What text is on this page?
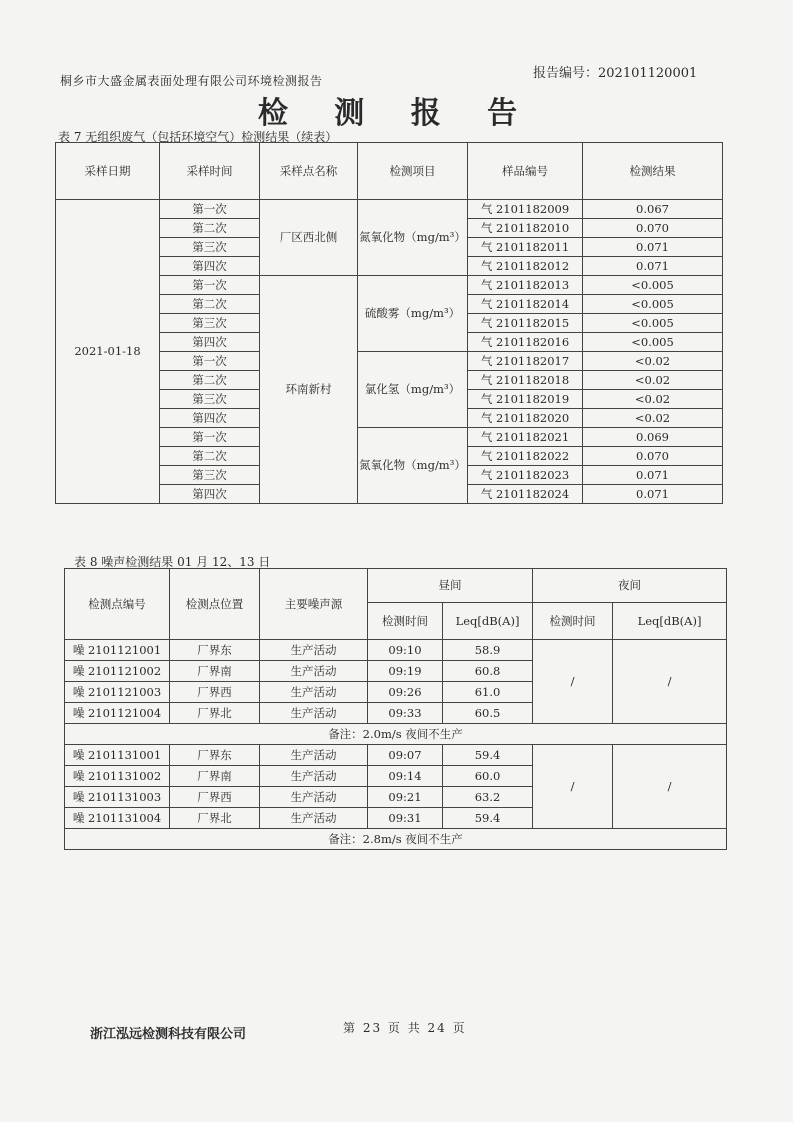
桐乡市大盛金属表面处理有限公司环境检测报告	报告编号：202101120001
检 测 报 告
表 7 无组织废气（包括环境空气）检测结果（续表）
采样日期	采样时间	采样点名称	检测项目	样品编号	检测结果
2021-01-18	第一次	厂区西北侧	氮氧化物（mg/m³）	气 2101182009	0.067
	第二次			气 2101182010	0.070
	第三次			气 2101182011	0.071
	第四次			气 2101182012	0.071
	第一次	环南新村	硫酸雾（mg/m³）	气 2101182013	<0.005
	第二次			气 2101182014	<0.005
	第三次			气 2101182015	<0.005
	第四次			气 2101182016	<0.005
	第一次		氯化氢（mg/m³）	气 2101182017	<0.02
	第二次			气 2101182018	<0.02
	第三次			气 2101182019	<0.02
	第四次			气 2101182020	<0.02
	第一次		氮氧化物（mg/m³）	气 2101182021	0.069
	第二次			气 2101182022	0.070
	第三次			气 2101182023	0.071
	第四次			气 2101182024	0.071
表 8 噪声检测结果 01 月 12、13 日
检测点编号	检测点位置	主要噪声源	昼间		夜间	
			检测时间	Leq[dB(A)]	检测时间	Leq[dB(A)]
噪 2101121001	厂界东	生产活动	09:10	58.9	/	/
噪 2101121002	厂界南	生产活动	09:19	60.8		
噪 2101121003	厂界西	生产活动	09:26	61.0		
噪 2101121004	厂界北	生产活动	09:33	60.5		
备注：2.0m/s 夜间不生产						
噪 2101131001	厂界东	生产活动	09:07	59.4	/	/
噪 2101131002	厂界南	生产活动	09:14	60.0		
噪 2101131003	厂界西	生产活动	09:21	63.2		
噪 2101131004	厂界北	生产活动	09:31	59.4		
备注：2.8m/s 夜间不生产						
浙江泓远检测科技有限公司	第 23 页 共 24 页
